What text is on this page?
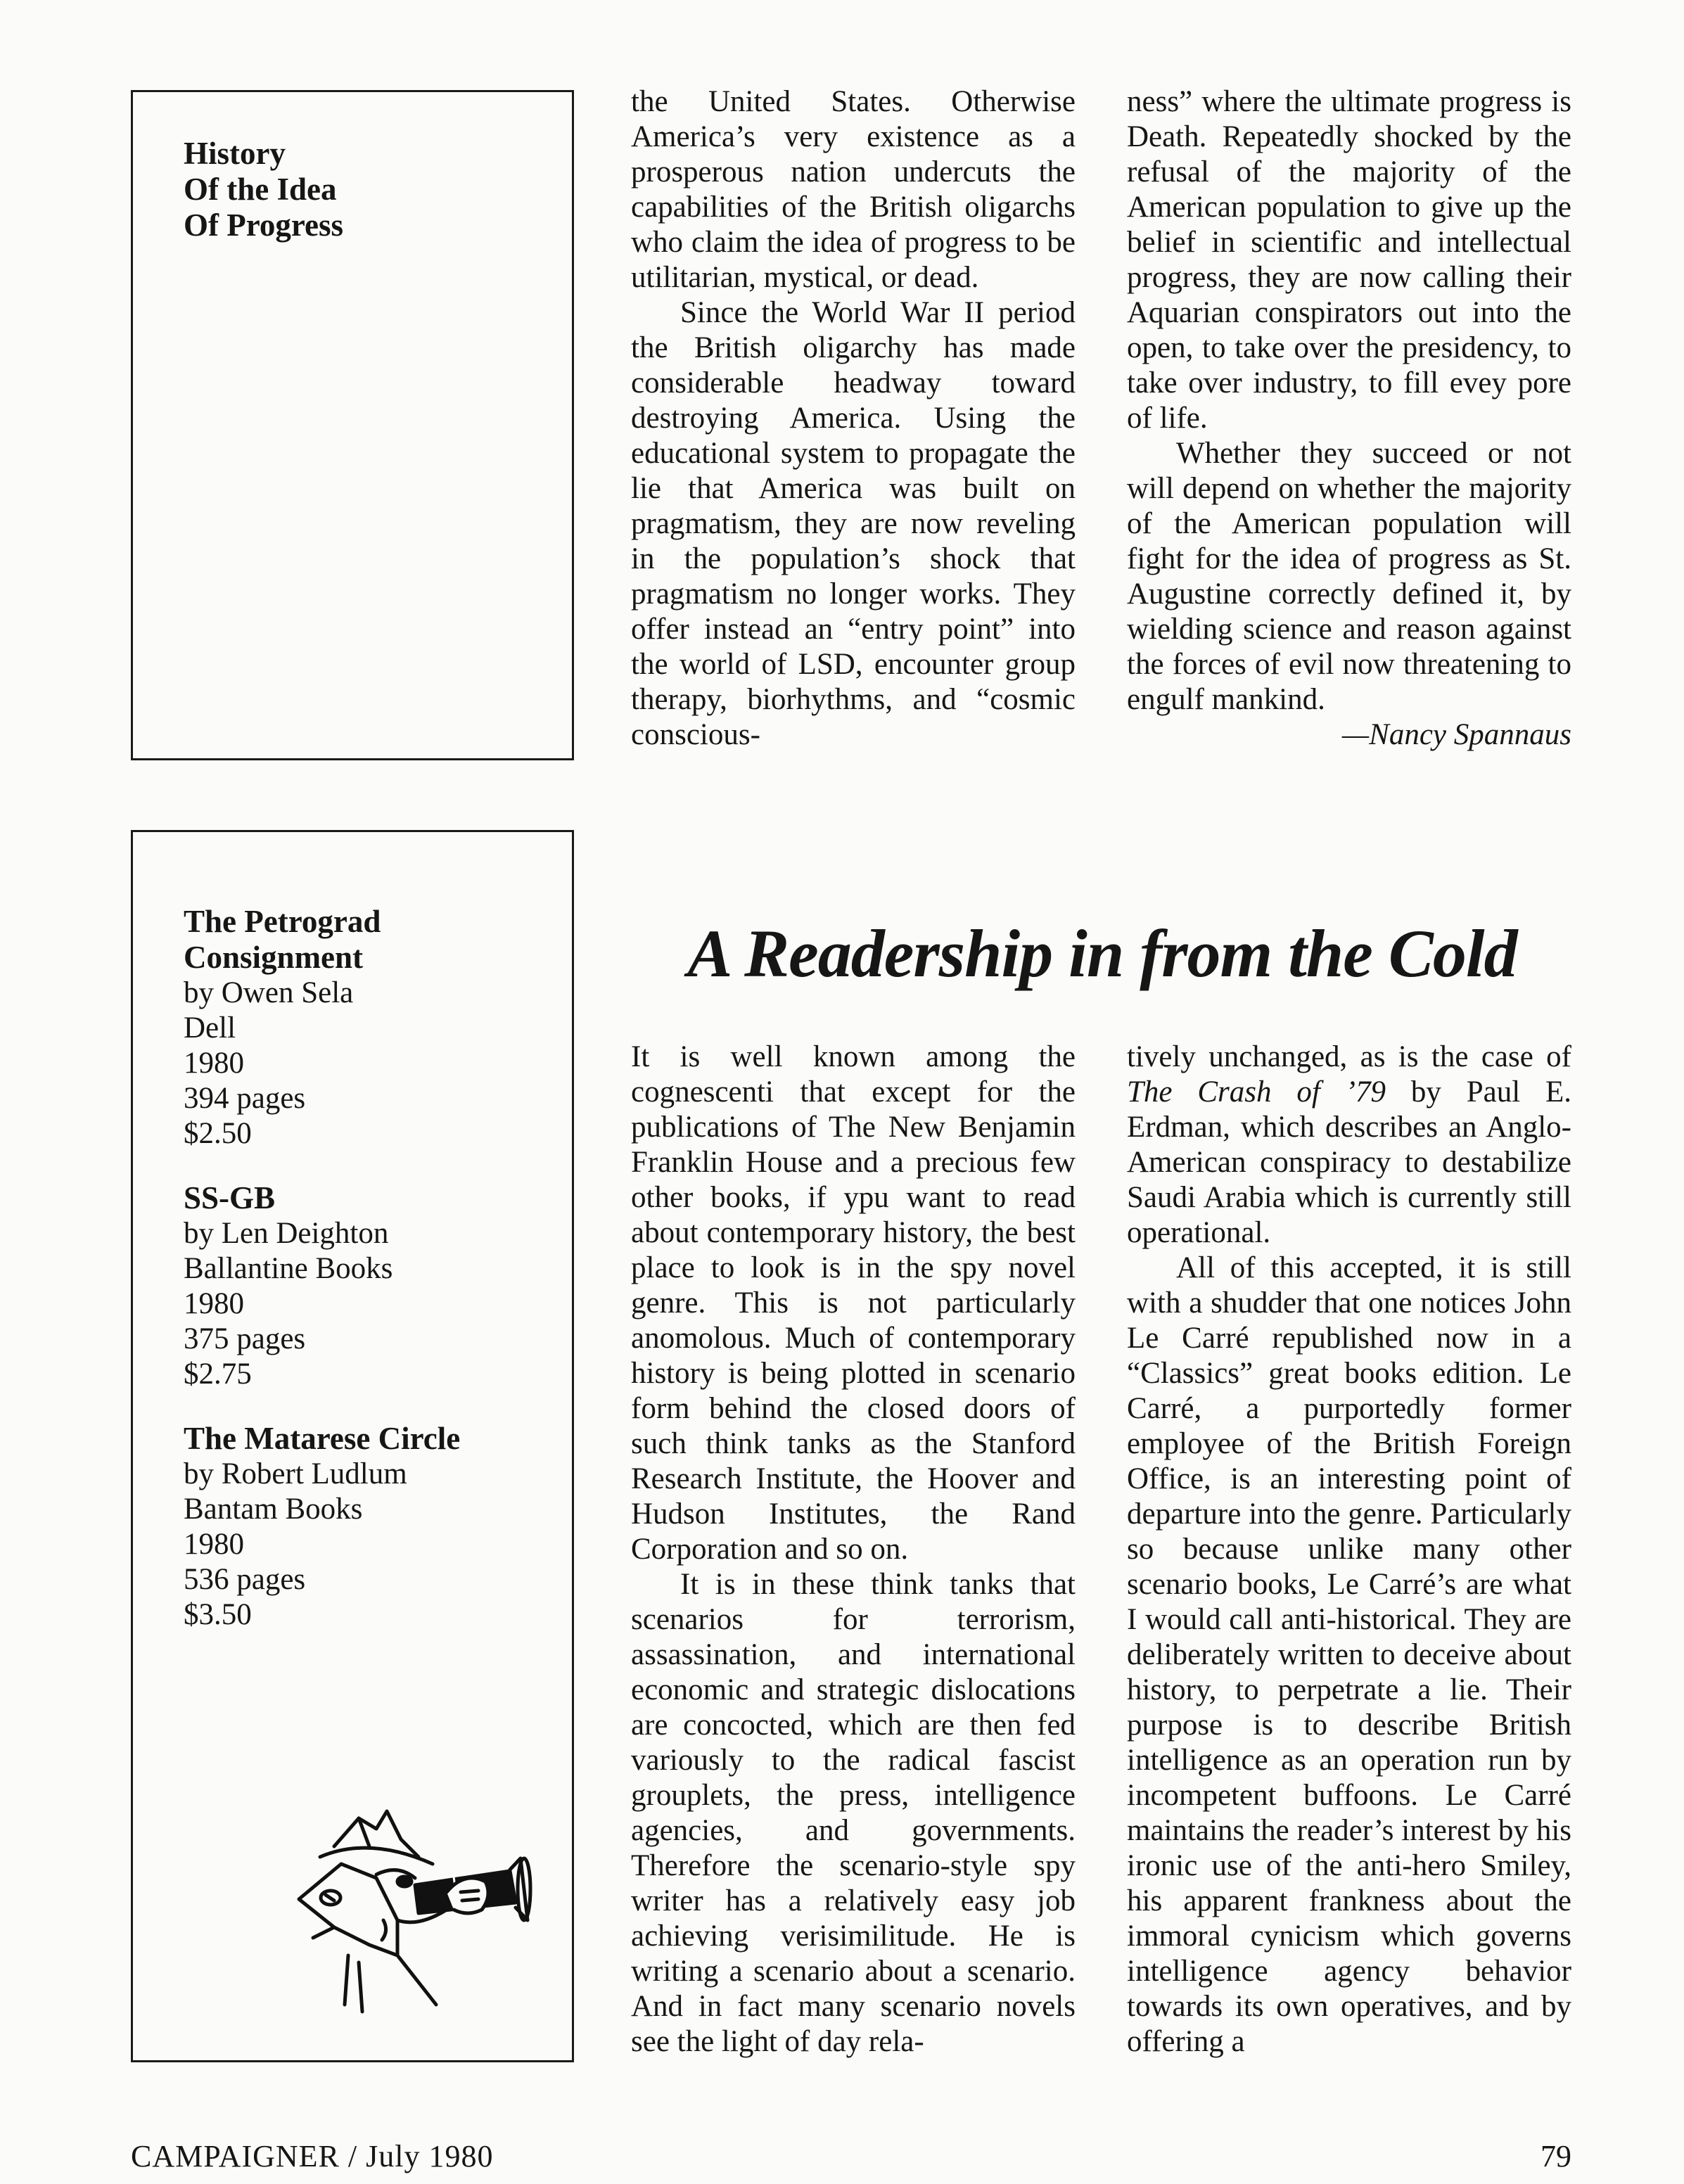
History
Of the Idea
Of Progress

the United States. Otherwise America’s very existence as a prosperous nation undercuts the capabilities of the British oligarchs who claim the idea of progress to be utilitarian, mystical, or dead.

Since the World War II period the British oligarchy has made considerable headway toward destroying America. Using the educational system to propagate the lie that America was built on pragmatism, they are now reveling in the population’s shock that pragmatism no longer works. They offer instead an “entry point” into the world of LSD, encounter group therapy, biorhythms, and “cosmic conscious-

ness” where the ultimate progress is Death. Repeatedly shocked by the refusal of the majority of the American population to give up the belief in scientific and intellectual progress, they are now calling their Aquarian conspirators out into the open, to take over the presidency, to take over industry, to fill evey pore of life.

Whether they succeed or not will depend on whether the majority of the American population will fight for the idea of progress as St. Augustine correctly defined it, by wielding science and reason against the forces of evil now threatening to engulf mankind.

—Nancy Spannaus
The Petrograd
Consignment
by Owen Sela
Dell
1980
394 pages
$2.50
SS-GB
by Len Deighton
Ballantine Books
1980
375 pages
$2.75
The Matarese Circle
by Robert Ludlum
Bantam Books
1980
536 pages
$3.50
A Readership in from the Cold

It is well known among the cognescenti that except for the publications of The New Benjamin Franklin House and a precious few other books, if ypu want to read about contemporary history, the best place to look is in the spy novel genre. This is not particularly anomolous. Much of contemporary history is being plotted in scenario form behind the closed doors of such think tanks as the Stanford Research Institute, the Hoover and Hudson Institutes, the Rand Corporation and so on.

It is in these think tanks that scenarios for terrorism, assassination, and international economic and strategic dislocations are concocted, which are then fed variously to the radical fascist grouplets, the press, intelligence agencies, and governments. Therefore the scenario-style spy writer has a relatively easy job achieving verisimilitude. He is writing a scenario about a scenario. And in fact many scenario novels see the light of day rela-

tively unchanged, as is the case of The Crash of ’79 by Paul E. Erdman, which describes an Anglo-American conspiracy to destabilize Saudi Arabia which is currently still operational.

All of this accepted, it is still with a shudder that one notices John Le Carré republished now in a “Classics” great books edition. Le Carré, a purportedly former employee of the British Foreign Office, is an interesting point of departure into the genre. Particularly so because unlike many other scenario books, Le Carré’s are what I would call anti-historical. They are deliberately written to deceive about history, to perpetrate a lie. Their purpose is to describe British intelligence as an operation run by incompetent buffoons. Le Carré maintains the reader’s interest by his ironic use of the anti-hero Smiley, his apparent frankness about the immoral cynicism which governs intelligence agency behavior towards its own operatives, and by offering a

CAMPAIGNER / July 1980	79
